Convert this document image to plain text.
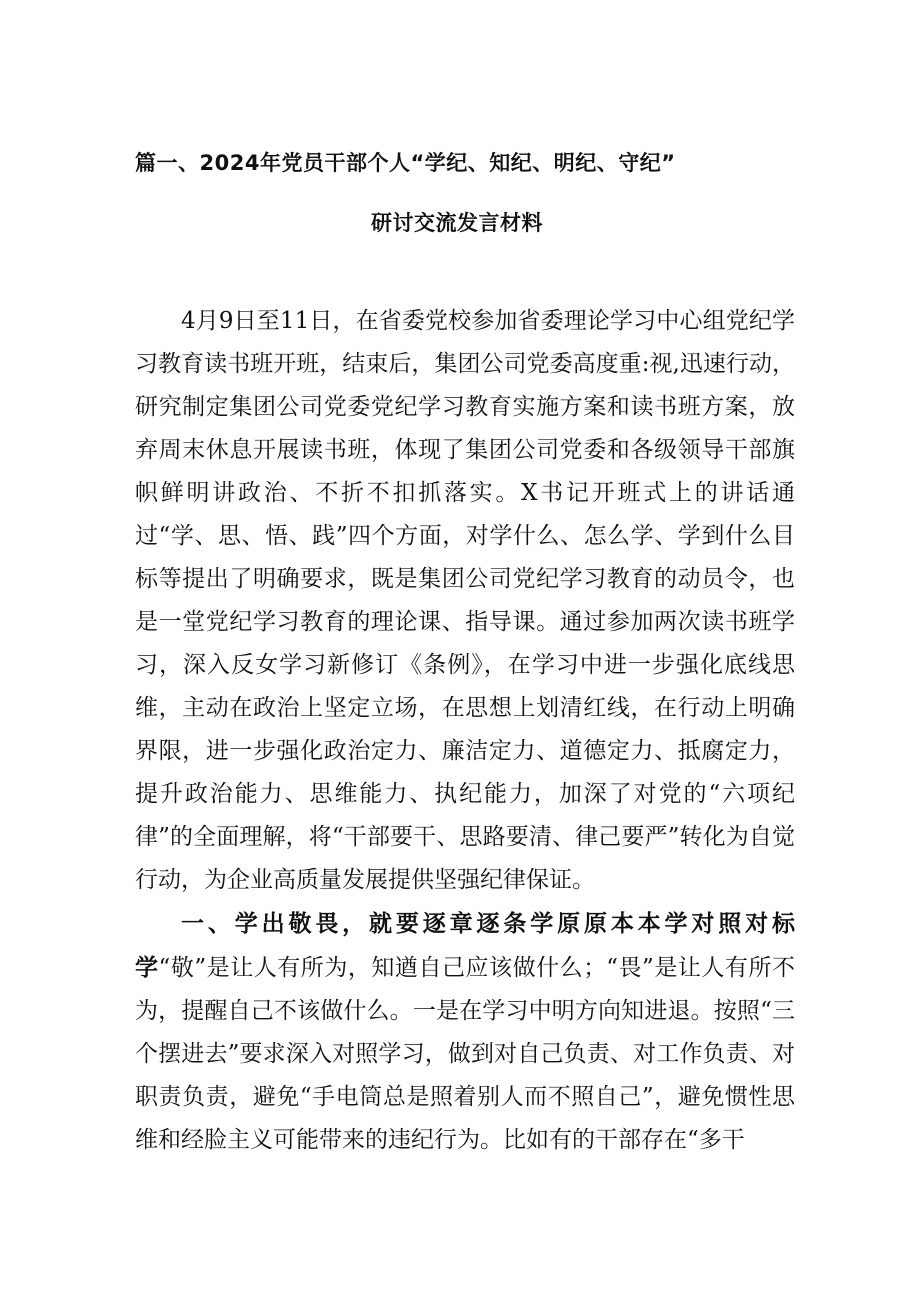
篇一、2024年党员干部个人“学纪、知纪、明纪、守纪”
研讨交流发言材料

4月9日至11日，在省委党校参加省委理论学习中心组党纪学习教育读书班开班，结束后，集团公司党委高度重:视,迅速行动，研究制定集团公司党委党纪学习教育实施方案和读书班方案，放弃周末休息开展读书班，体现了集团公司党委和各级领导干部旗帜鲜明讲政治、不折不扣抓落实。X书记开班式上的讲话通过“学、思、悟、践”四个方面，对学什么、怎么学、学到什么目标等提出了明确要求，既是集团公司党纪学习教育的动员令，也是一堂党纪学习教育的理论课、指导课。通过参加两次读书班学习，深入反女学习新修订《条例》，在学习中进一步强化底线思维，主动在政治上坚定立场，在思想上划清红线，在行动上明确界限，进一步强化政治定力、廉洁定力、道德定力、抵腐定力，提升政治能力、思维能力、执纪能力，加深了对党的“六项纪律”的全面理解，将“干部要干、思路要清、律己要严”转化为自觉行动，为企业高质量发展提供坚强纪律保证。

一、学出敬畏，就要逐章逐条学原原本本学对照对标学“敬”是让人有所为，知遒自己应该做什么；“畏”是让人有所不为，提醒自己不该做什么。一是在学习中明方向知进退。按照“三个摆进去”要求深入对照学习，做到对自己负责、对工作负责、对职责负责，避免“手电筒总是照着别人而不照自己”，避免惯性思维和经脸主义可能带来的违纪行为。比如有的干部存在“多干
